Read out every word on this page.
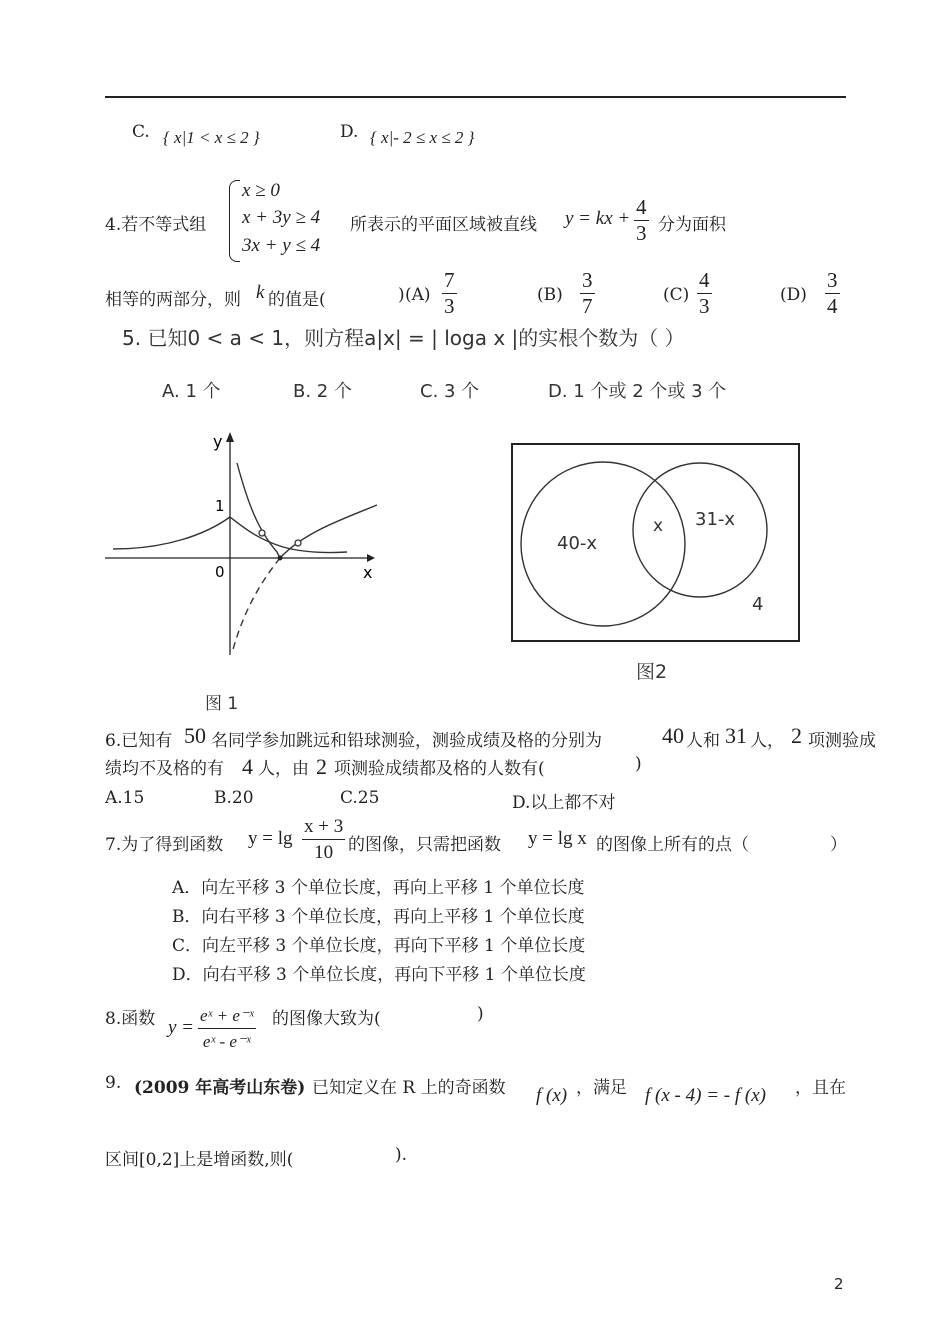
C. { x|1 < x ≤ 2 }	D. { x|- 2 ≤ x ≤ 2 }
4.若不等式组
x ≥ 0
x + 3y ≥ 4
3x + y ≤ 4
所表示的平面区域被直线 y = kx + $\frac{4}{3}$ 分为面积
相等的两部分，则 k 的值是(	) $(A) \frac{7}{3}$	$(B) \frac{3}{7}$	$(C) \frac{4}{3}$	$(D) \frac{3}{4}$
5. 已知0 < a < 1，则方程a|x| = | loga x |的实根个数为（ ）
A. 1 个	B. 2 个	C. 3 个	D. 1 个或 2 个或 3 个
y
x
1
0
图 1
40-x
x 31-x
4
图2
6.已知有 50 名同学参加跳远和铅球测验，测验成绩及格的分别为	40 人和 31 人， 2 项测验成
绩均不及格的有 4 人，由 2 项测验成绩都及格的人数有(	)
A.15	B.20	C.25	D.以上都不对
7.为了得到函数 $y = \lg \frac{x + 3}{10}$ 的图像，只需把函数 y = lg x 的图像上所有的点（	）
A．向左平移 3 个单位长度，再向上平移 1 个单位长度
B．向右平移 3 个单位长度，再向上平移 1 个单位长度
C．向左平移 3 个单位长度，再向下平移 1 个单位长度
D．向右平移 3 个单位长度，再向下平移 1 个单位长度
8.函数 $y = \frac{\text{eˣ + e⁻ˣ}}{\text{eˣ - e⁻ˣ}}$ 的图像大致为(	)
9. (2009 年高考山东卷) 已知定义在 R 上的奇函数 f (x) ，满足 f (x - 4) = - f (x) ，且在
区间[0,2]上是增函数,则(	).
2
